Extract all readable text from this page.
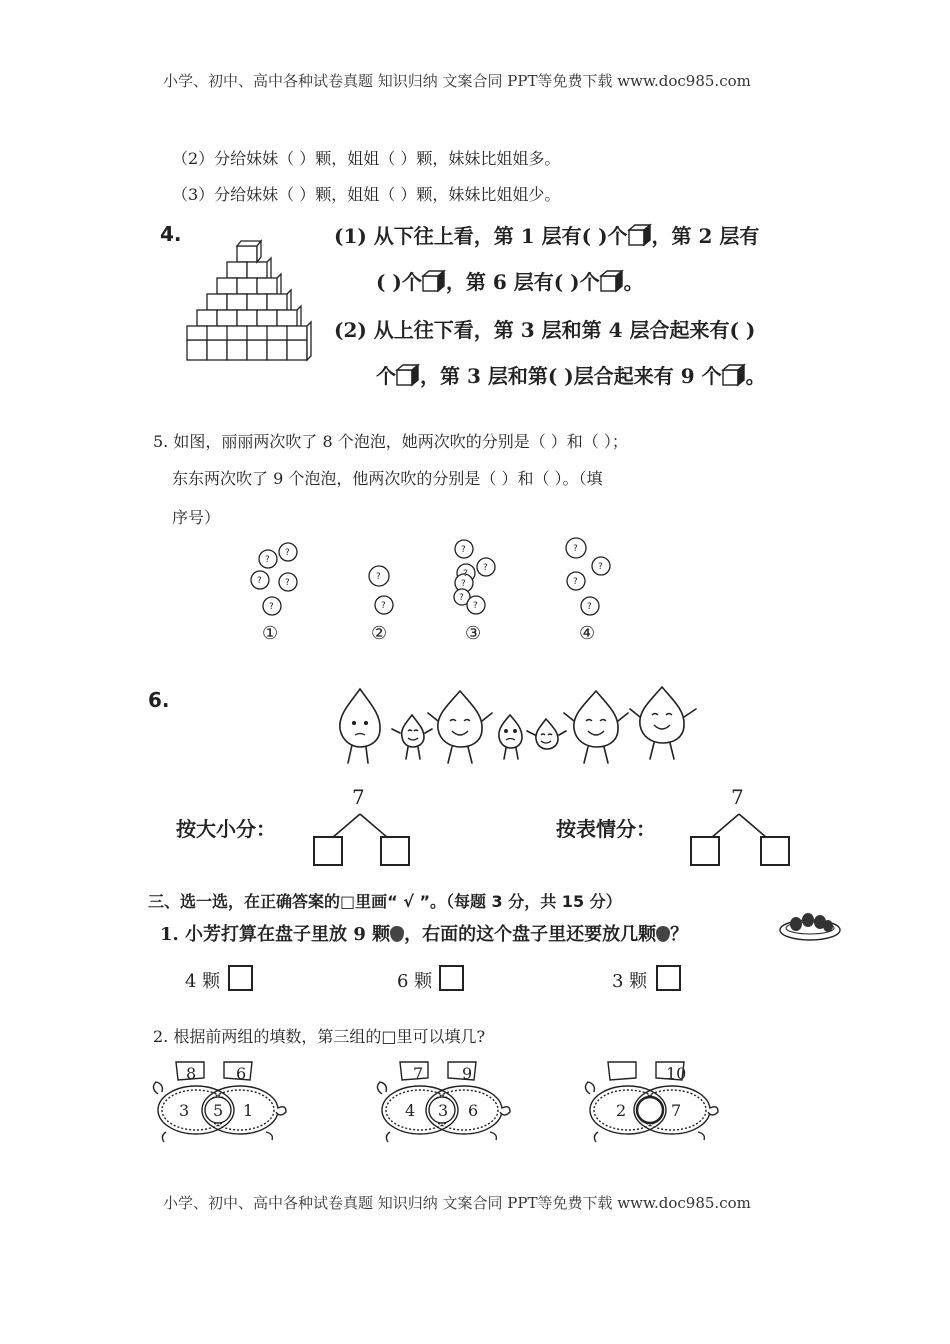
小学、初中、高中各种试卷真题 知识归纳 文案合同 PPT等免费下载 www.doc985.com
小学、初中、高中各种试卷真题 知识归纳 文案合同 PPT等免费下载 www.doc985.com
（2）分给妹妹（ ）颗，姐姐（ ）颗，妹妹比姐姐多。
（3）分给妹妹（ ）颗，姐姐（ ）颗，妹妹比姐姐少。
4.	(1) 从下往上看，第 1 层有( )个 ，第 2 层有
( )个 ，第 6 层有( )个 。
(2) 从上往下看，第 3 层和第 4 层合起来有( )
个 ，第 3 层和第( )层合起来有 9 个 。
5. 如图，丽丽两次吹了 8 个泡泡，她两次吹的分别是（ ）和（ ）；
东东两次吹了 9 个泡泡，他两次吹的分别是（ ）和（ ）。（填
序号）
?
?
?	?
?
?
?
?
?
?
?
?
?
?
?
?
?
①	②	③	④
6.
按大小分：
7
按表情分：
7
三、选一选，在正确答案的□里画“ √ ”。（每题 3 分，共 15 分）
1. 小芳打算在盘子里放 9 颗 ，右面的这个盘子里还要放几颗 ？
4 颗	6 颗	3 颗
2. 根据前两组的填数，第三组的□里可以填几?
8 6
3 5 1
7 9
4 3 6
10
2	7
